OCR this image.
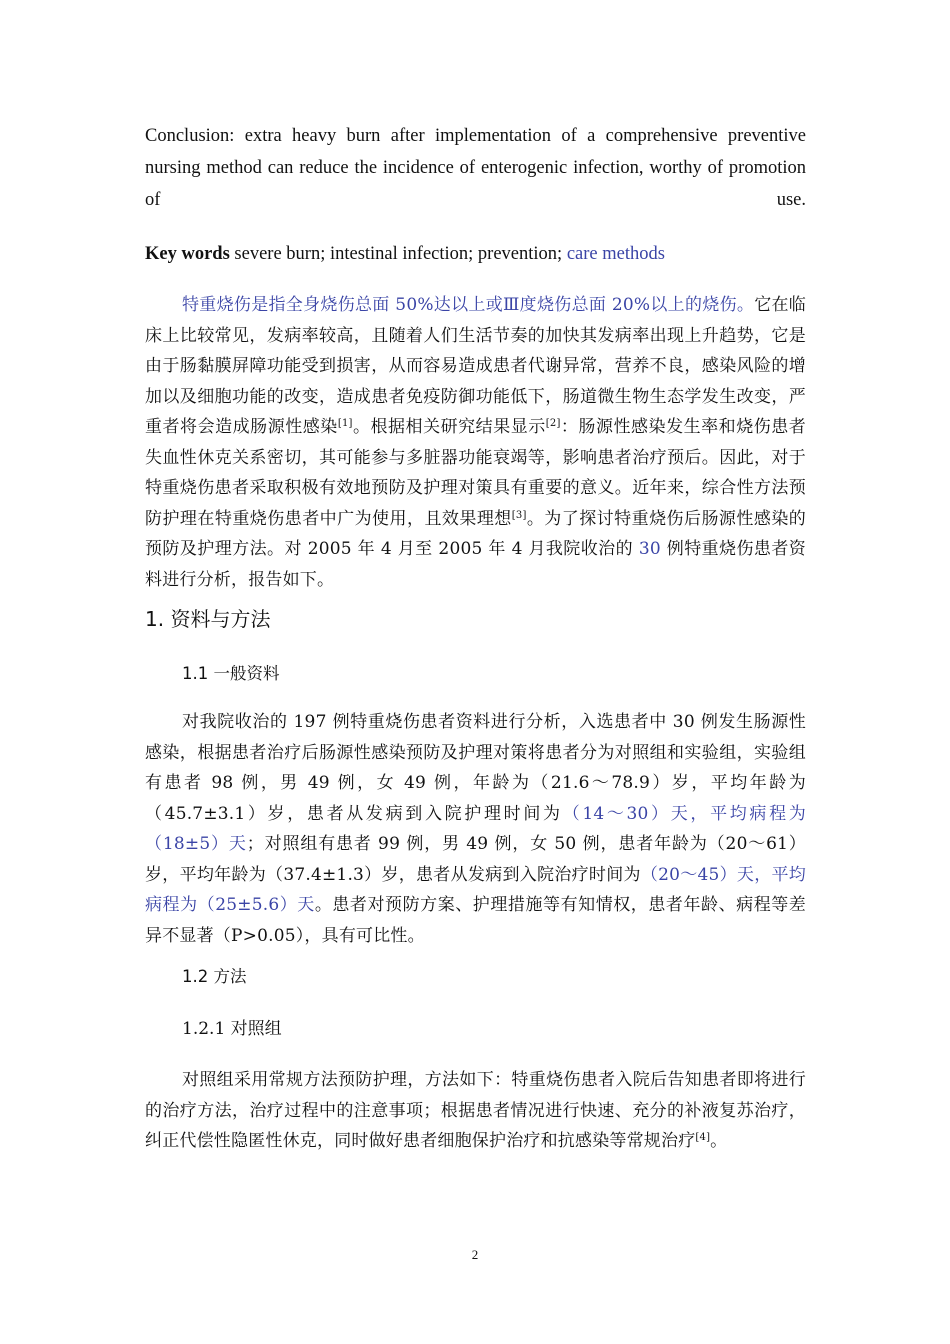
Conclusion: extra heavy burn after implementation of a comprehensive preventive nursing method can reduce the incidence of enterogenic infection, worthy of promotion of use.

Key words severe burn; intestinal infection; prevention; care methods

特重烧伤是指全身烧伤总面 50%达以上或Ⅲ度烧伤总面 20%以上的烧伤。它在临床上比较常见，发病率较高，且随着人们生活节奏的加快其发病率出现上升趋势，它是由于肠黏膜屏障功能受到损害，从而容易造成患者代谢异常，营养不良，感染风险的增加以及细胞功能的改变，造成患者免疫防御功能低下，肠道微生物生态学发生改变，严重者将会造成肠源性感染[1]。根据相关研究结果显示[2]：肠源性感染发生率和烧伤患者失血性休克关系密切，其可能参与多脏器功能衰竭等，影响患者治疗预后。因此，对于特重烧伤患者采取积极有效地预防及护理对策具有重要的意义。近年来，综合性方法预防护理在特重烧伤患者中广为使用，且效果理想[3]。为了探讨特重烧伤后肠源性感染的预防及护理方法。对 2005 年 4 月至 2005 年 4 月我院收治的 30 例特重烧伤患者资料进行分析，报告如下。

1. 资料与方法
1.1 一般资料

对我院收治的 197 例特重烧伤患者资料进行分析，入选患者中 30 例发生肠源性感染，根据患者治疗后肠源性感染预防及护理对策将患者分为对照组和实验组，实验组有患者 98 例，男 49 例，女 49 例，年龄为（21.6～78.9）岁，平均年龄为（45.7±3.1）岁，患者从发病到入院护理时间为（14～30）天，平均病程为（18±5）天；对照组有患者 99 例，男 49 例，女 50 例，患者年龄为（20～61）岁，平均年龄为（37.4±1.3）岁，患者从发病到入院治疗时间为（20～45）天，平均病程为（25±5.6）天。患者对预防方案、护理措施等有知情权，患者年龄、病程等差异不显著（P>0.05），具有可比性。

1.2 方法
1.2.1 对照组

对照组采用常规方法预防护理，方法如下：特重烧伤患者入院后告知患者即将进行的治疗方法，治疗过程中的注意事项；根据患者情况进行快速、充分的补液复苏治疗，纠正代偿性隐匿性休克，同时做好患者细胞保护治疗和抗感染等常规治疗[4]。

2
